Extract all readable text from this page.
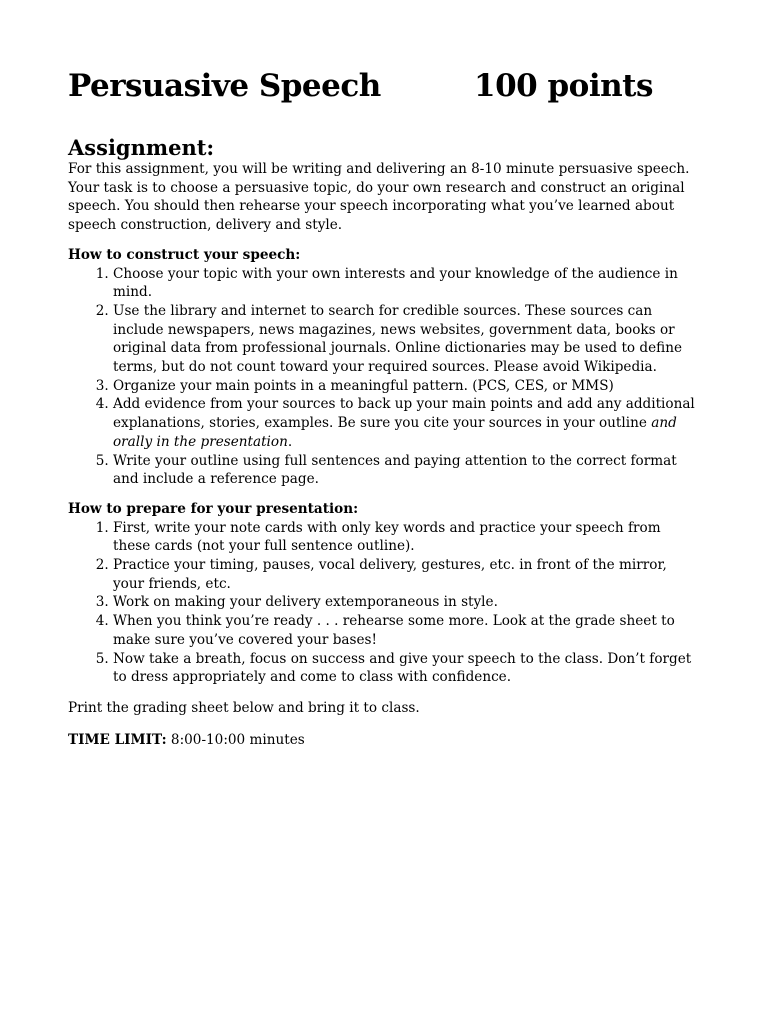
Persuasive Speech	100 points
Assignment:

For this assignment, you will be writing and delivering an 8-10 minute persuasive speech. Your task is to choose a persuasive topic, do your own research and construct an original speech. You should then rehearse your speech incorporating what you’ve learned about speech construction, delivery and style.

How to construct your speech:
1. Choose your topic with your own interests and your knowledge of the audience in mind.
2. Use the library and internet to search for credible sources. These sources can include newspapers, news magazines, news websites, government data, books or original data from professional journals. Online dictionaries may be used to define terms, but do not count toward your required sources. Please avoid Wikipedia.
3. Organize your main points in a meaningful pattern. (PCS, CES, or MMS)
4. Add evidence from your sources to back up your main points and add any additional explanations, stories, examples. Be sure you cite your sources in your outline and orally in the presentation.
5. Write your outline using full sentences and paying attention to the correct format and include a reference page.
How to prepare for your presentation:
1. First, write your note cards with only key words and practice your speech from these cards (not your full sentence outline).
2. Practice your timing, pauses, vocal delivery, gestures, etc. in front of the mirror, your friends, etc.
3. Work on making your delivery extemporaneous in style.
4. When you think you’re ready . . . rehearse some more. Look at the grade sheet to make sure you’ve covered your bases!
5. Now take a breath, focus on success and give your speech to the class. Don’t forget to dress appropriately and come to class with confidence.
Print the grading sheet below and bring it to class.
TIME LIMIT: 8:00-10:00 minutes
